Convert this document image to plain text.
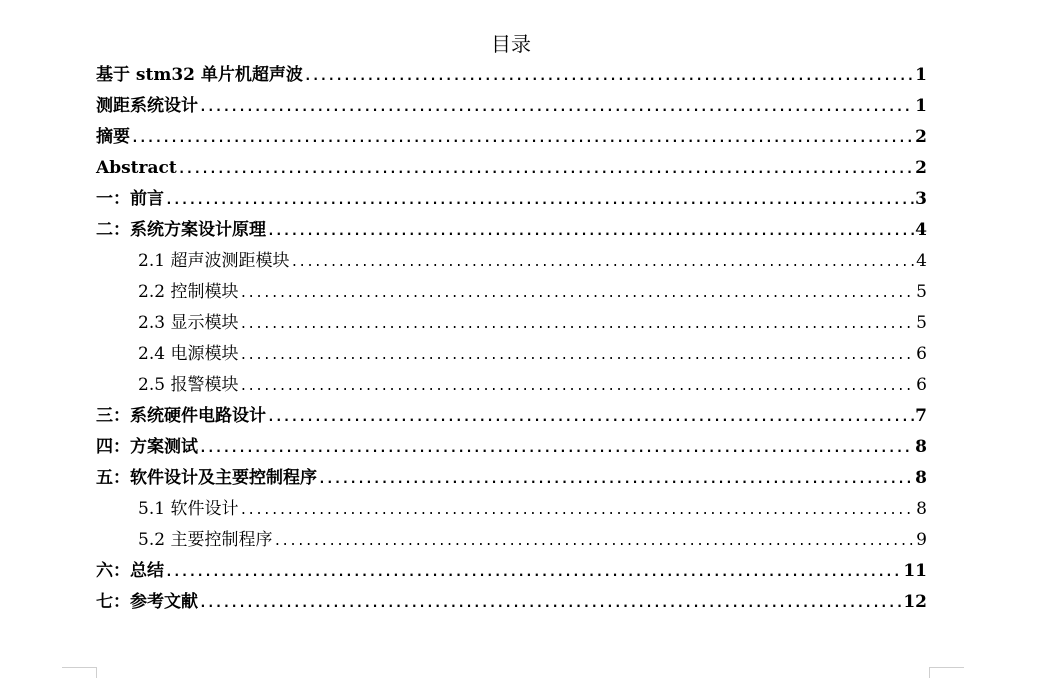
目录
基于 stm32 单片机超声波 .....	1
测距系统设计 .....	1
摘要 .....	2
Abstract .....	2
一：前言 .....	3
二：系统方案设计原理 .....	4
2.1 超声波测距模块 .....	4
2.2 控制模块 .....	5
2.3 显示模块 .....	5
2.4 电源模块 .....	6
2.5 报警模块 .....	6
三：系统硬件电路设计 .....	7
四：方案测试 .....	8
五：软件设计及主要控制程序 .....	8
5.1 软件设计 .....	8
5.2 主要控制程序 .....	9
六：总结 .....	11
七：参考文献 .....	12
